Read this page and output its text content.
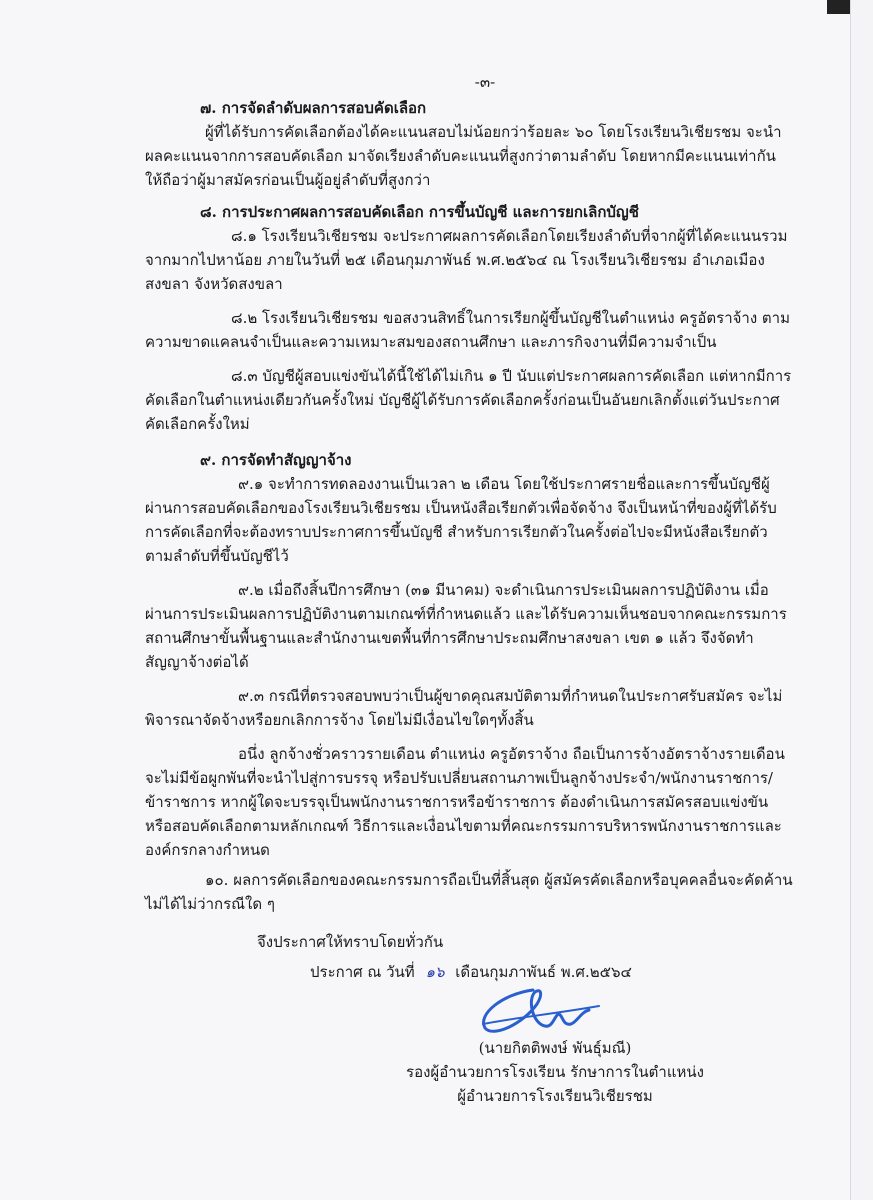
-๓-
๗. การจัดลำดับผลการสอบคัดเลือก

ผู้ที่ได้รับการคัดเลือกต้องได้คะแนนสอบไม่น้อยกว่าร้อยละ ๖๐ โดยโรงเรียนวิเชียรชม จะนำผลคะแนนจากการสอบคัดเลือก มาจัดเรียงลำดับคะแนนที่สูงกว่าตามลำดับ โดยหากมีคะแนนเท่ากัน ให้ถือว่าผู้มาสมัครก่อนเป็นผู้อยู่ลำดับที่สูงกว่า

๘. การประกาศผลการสอบคัดเลือก การขึ้นบัญชี และการยกเลิกบัญชี

๘.๑ โรงเรียนวิเชียรชม จะประกาศผลการคัดเลือกโดยเรียงลำดับที่จากผู้ที่ได้คะแนนรวมจากมากไปหาน้อย ภายในวันที่ ๒๕ เดือนกุมภาพันธ์ พ.ศ.๒๕๖๔ ณ โรงเรียนวิเชียรชม อำเภอเมืองสงขลา จังหวัดสงขลา

๘.๒ โรงเรียนวิเชียรชม ขอสงวนสิทธิ์ในการเรียกผู้ขึ้นบัญชีในตำแหน่ง ครูอัตราจ้าง ตามความขาดแคลนจำเป็นและความเหมาะสมของสถานศึกษา และภารกิจงานที่มีความจำเป็น

๘.๓ บัญชีผู้สอบแข่งขันได้นี้ใช้ได้ไม่เกิน ๑ ปี นับแต่ประกาศผลการคัดเลือก แต่หากมีการคัดเลือกในตำแหน่งเดียวกันครั้งใหม่ บัญชีผู้ได้รับการคัดเลือกครั้งก่อนเป็นอันยกเลิกตั้งแต่วันประกาศคัดเลือกครั้งใหม่

๙. การจัดทำสัญญาจ้าง

๙.๑ จะทำการทดลองงานเป็นเวลา ๒ เดือน โดยใช้ประกาศรายชื่อและการขึ้นบัญชีผู้ผ่านการสอบคัดเลือกของโรงเรียนวิเชียรชม เป็นหนังสือเรียกตัวเพื่อจัดจ้าง จึงเป็นหน้าที่ของผู้ที่ได้รับการคัดเลือกที่จะต้องทราบประกาศการขึ้นบัญชี สำหรับการเรียกตัวในครั้งต่อไปจะมีหนังสือเรียกตัวตามลำดับที่ขึ้นบัญชีไว้

๙.๒ เมื่อถึงสิ้นปีการศึกษา (๓๑ มีนาคม) จะดำเนินการประเมินผลการปฏิบัติงาน เมื่อผ่านการประเมินผลการปฏิบัติงานตามเกณฑ์ที่กำหนดแล้ว และได้รับความเห็นชอบจากคณะกรรมการสถานศึกษาขั้นพื้นฐานและสำนักงานเขตพื้นที่การศึกษาประถมศึกษาสงขลา เขต ๑ แล้ว จึงจัดทำสัญญาจ้างต่อได้

๙.๓ กรณีที่ตรวจสอบพบว่าเป็นผู้ขาดคุณสมบัติตามที่กำหนดในประกาศรับสมัคร จะไม่พิจารณาจัดจ้างหรือยกเลิกการจ้าง โดยไม่มีเงื่อนไขใดๆทั้งสิ้น

อนึ่ง ลูกจ้างชั่วคราวรายเดือน ตำแหน่ง ครูอัตราจ้าง ถือเป็นการจ้างอัตราจ้างรายเดือนจะไม่มีข้อผูกพันที่จะนำไปสู่การบรรจุ หรือปรับเปลี่ยนสถานภาพเป็นลูกจ้างประจำ/พนักงานราชการ/ข้าราชการ หากผู้ใดจะบรรจุเป็นพนักงานราชการหรือข้าราชการ ต้องดำเนินการสมัครสอบแข่งขันหรือสอบคัดเลือกตามหลักเกณฑ์ วิธีการและเงื่อนไขตามที่คณะกรรมการบริหารพนักงานราชการและองค์กรกลางกำหนด

๑๐. ผลการคัดเลือกของคณะกรรมการถือเป็นที่สิ้นสุด ผู้สมัครคัดเลือกหรือบุคคลอื่นจะคัดค้านไม่ได้ไม่ว่ากรณีใด ๆ

จึงประกาศให้ทราบโดยทั่วกัน
ประกาศ ณ วันที่ ๑๖ เดือนกุมภาพันธ์ พ.ศ.๒๕๖๔
(นายกิตติพงษ์ พันธุ์มณี)
รองผู้อำนวยการโรงเรียน รักษาการในตำแหน่ง
ผู้อำนวยการโรงเรียนวิเชียรชม
